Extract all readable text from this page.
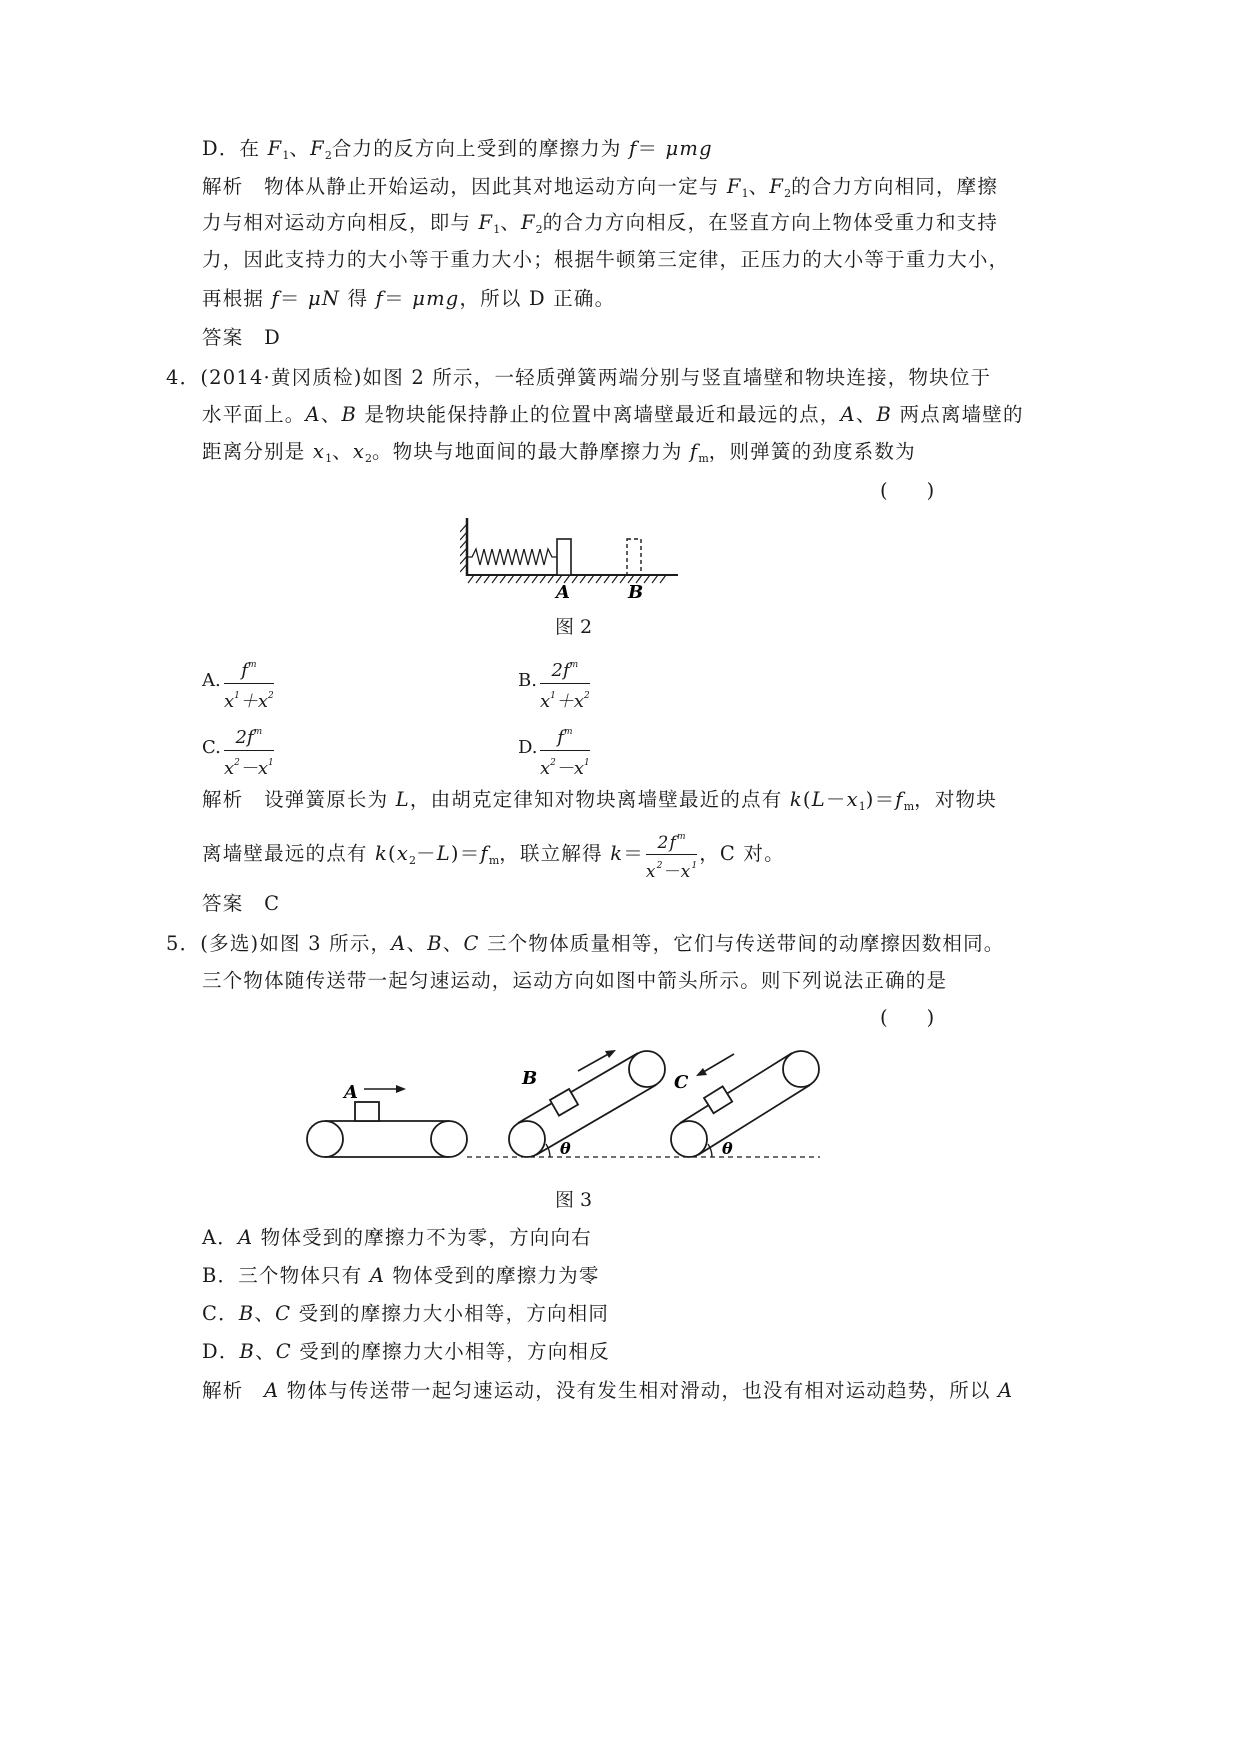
D．在 $F_1$、$F_2$合力的反方向上受到的摩擦力为 f＝ μmg
解析　物体从静止开始运动，因此其对地运动方向一定与 $F_1$、$F_2$的合力方向相同，摩擦
力与相对运动方向相反，即与 $F_1$、$F_2$的合力方向相反，在竖直方向上物体受重力和支持
力，因此支持力的大小等于重力大小；根据牛顿第三定律，正压力的大小等于重力大小，
再根据 f＝ μN 得 f＝ μmg，所以 D 正确。
答案　 D
4．(2014·黄冈质检)如图 2 所示，一轻质弹簧两端分别与竖直墙壁和物块连接，物块位于
水平面上。A、B 是物块能保持静止的位置中离墙壁最近和最远的点，A、B 两点离墙壁的
距离分别是 $x_1$、$x_2$。物块与地面间的最大静摩擦力为 $f_m$，则弹簧的劲度系数为
(　　)
A	B
图 2
A.	$f^m$
$x^1+x^2$
B. $2f^m$
$x^1+x^2$
C. $2f^m$
$x^2-x^1$
D.	$f^m$
$x^2-x^1$
解析　设弹簧原长为 L，由胡克定律知对物块离墙壁最近的点有 $k(L-x_1)=f_m$，对物块
离墙壁最远的点有 $k(x_2-L)=f_m$，联立解得 $k= \frac{2f^m}{x^2-x^1}$ ，C 对。
答案　 C
5．(多选)如图 3 所示，A、B、C 三个物体质量相等，它们与传送带间的动摩擦因数相同。
三个物体随传送带一起匀速运动，运动方向如图中箭头所示。则下列说法正确的是
(　　)
A
B
θ
C
θ
图 3
A．A 物体受到的摩擦力不为零，方向向右
B．三个物体只有 A 物体受到的摩擦力为零
C．B、C 受到的摩擦力大小相等，方向相同
D．B、C 受到的摩擦力大小相等，方向相反
解析　 A 物体与传送带一起匀速运动，没有发生相对滑动，也没有相对运动趋势，所以 A
